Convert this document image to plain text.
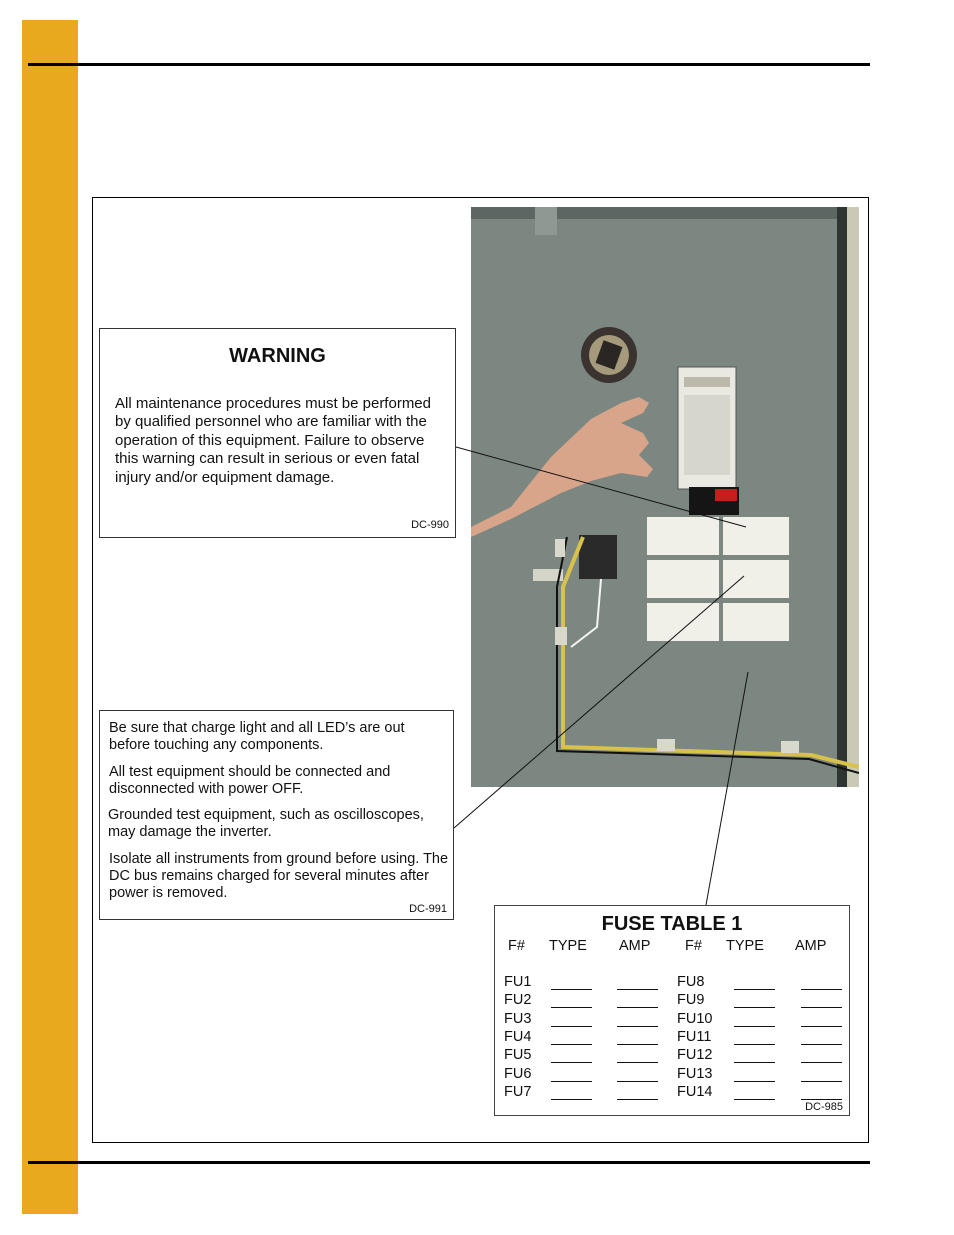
WARNING
All maintenance procedures must be performed by qualified personnel who are familiar with the operation of this equipment. Failure to observe this warning can result in serious or even fatal injury and/or equipment damage.
DC-990

Be sure that charge light and all LED’s are out before touching any components.

All test equipment should be connected and disconnected with power OFF.

Grounded test equipment, such as oscilloscopes, may damage the inverter.

Isolate all instruments from ground before using. The DC bus remains charged for several minutes after power is removed.

DC-991
FUSE TABLE 1
F# TYPE AMP F# TYPE AMP
FU1
FU2
FU3
FU4
FU5
FU6
FU7
FU8
FU9
FU10
FU11
FU12
FU13
FU14
DC-985
